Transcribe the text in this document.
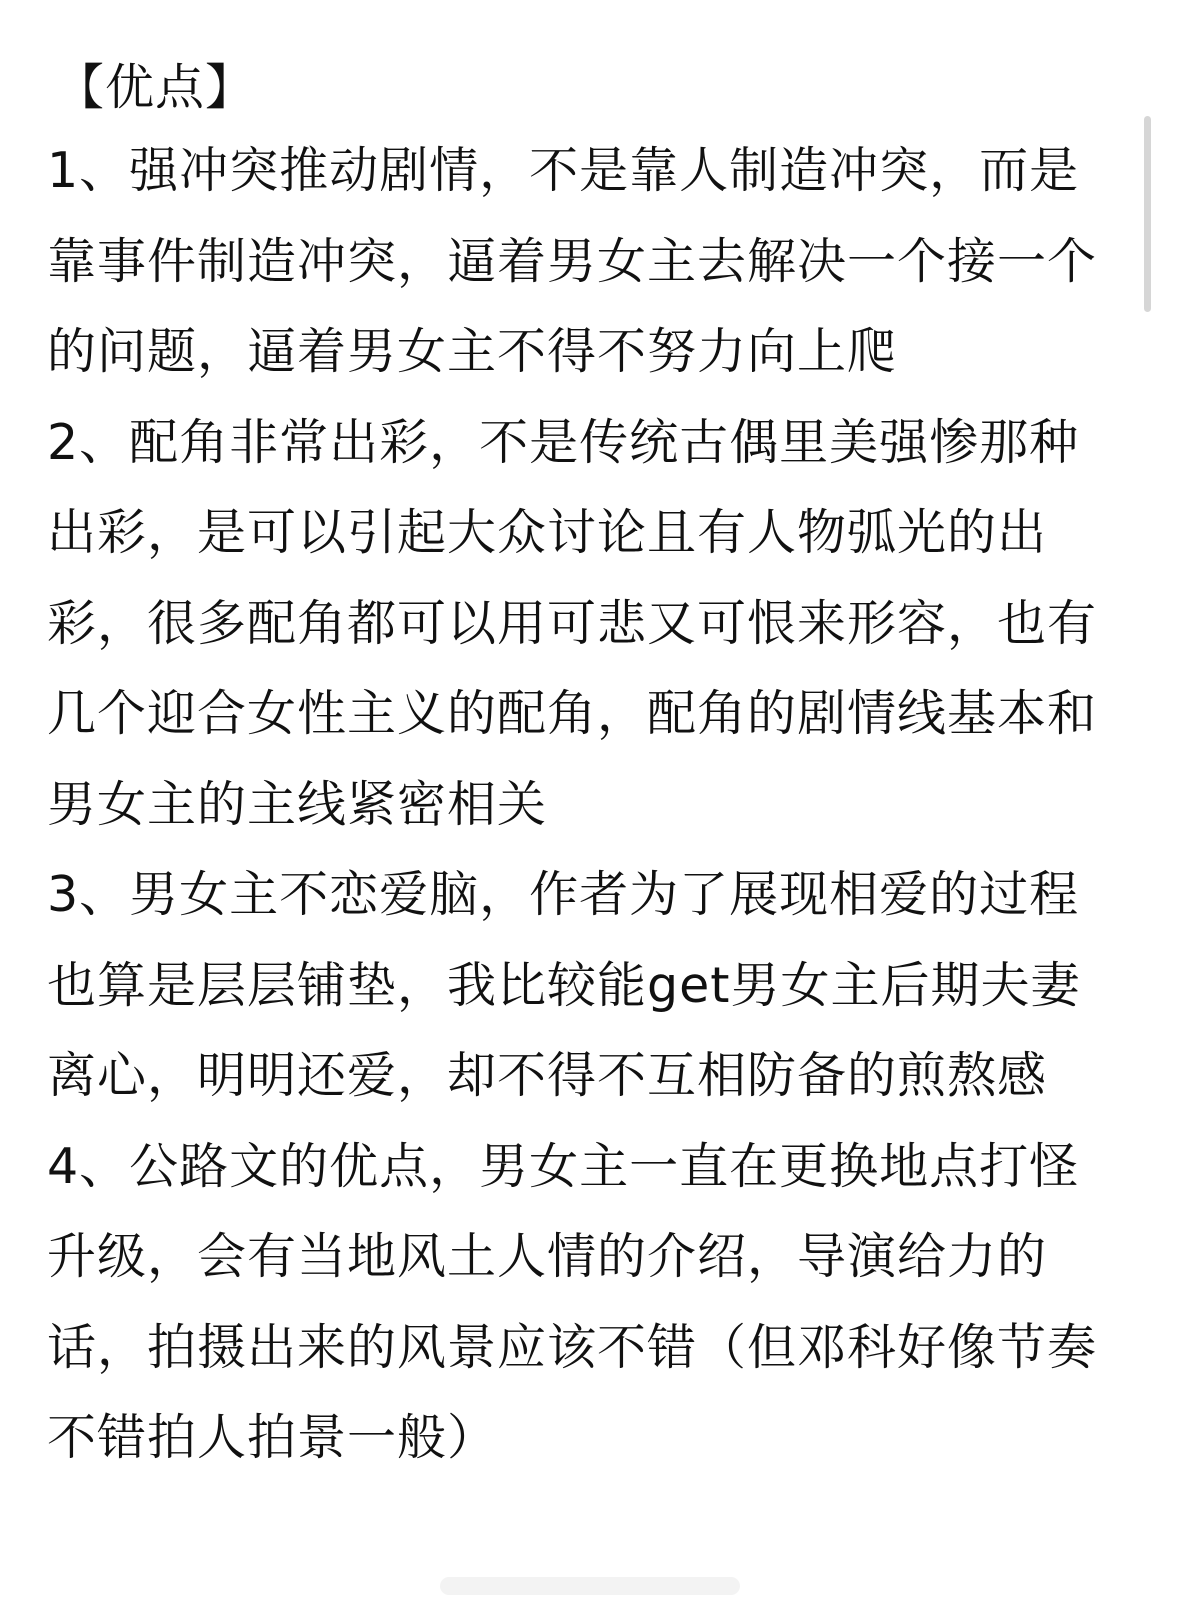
【优点】
1、强冲突推动剧情，不是靠人制造冲突，而是
靠事件制造冲突，逼着男女主去解决一个接一个
的问题，逼着男女主不得不努力向上爬
2、配角非常出彩，不是传统古偶里美强惨那种
出彩，是可以引起大众讨论且有人物弧光的出
彩，很多配角都可以用可悲又可恨来形容，也有
几个迎合女性主义的配角，配角的剧情线基本和
男女主的主线紧密相关
3、男女主不恋爱脑，作者为了展现相爱的过程
也算是层层铺垫，我比较能get男女主后期夫妻
离心，明明还爱，却不得不互相防备的煎熬感
4、公路文的优点，男女主一直在更换地点打怪
升级，会有当地风土人情的介绍，导演给力的
话，拍摄出来的风景应该不错（但邓科好像节奏
不错拍人拍景一般）
